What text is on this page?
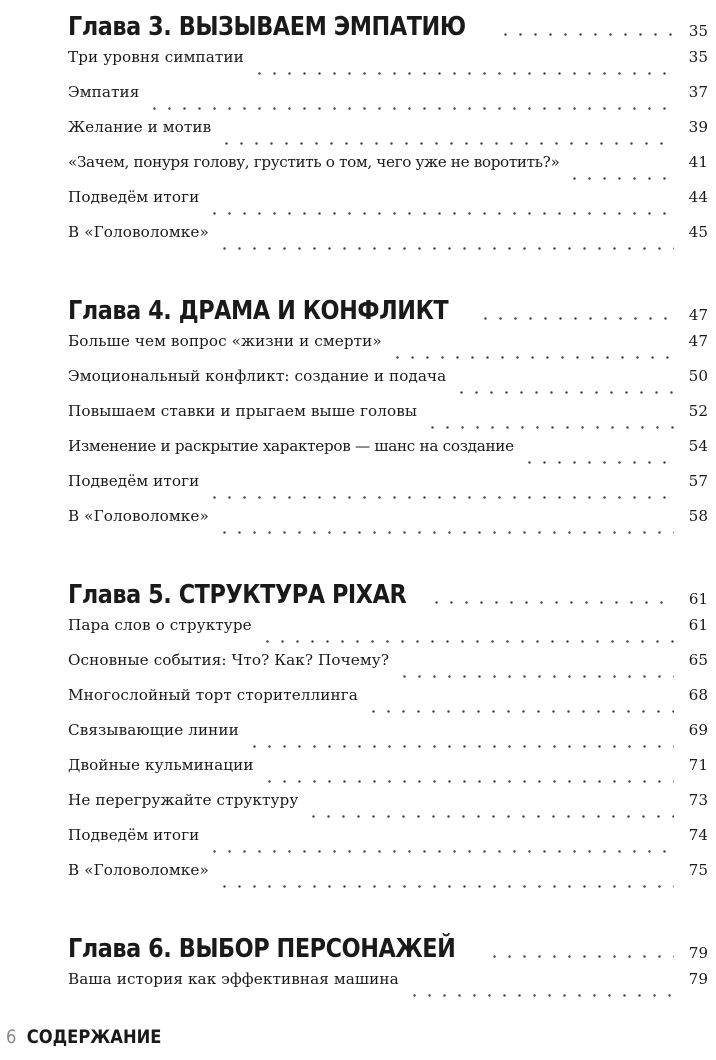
Глава 3. ВЫЗЫВАЕМ ЭМПАТИЮ	35
Три уровня симпатии	35
Эмпатия	37
Желание и мотив	39
«Зачем, понуря голову, грустить о том, чего уже не воротить?»	41
Подведём итоги	44
В «Головоломке»	45
Глава 4. ДРАМА И КОНФЛИКТ	47
Больше чем вопрос «жизни и смерти»	47
Эмоциональный конфликт: создание и подача	50
Повышаем ставки и прыгаем выше головы	52
Изменение и раскрытие характеров — шанс на создание	54
Подведём итоги	57
В «Головоломке»	58
Глава 5. СТРУКТУРА PIXAR	61
Пара слов о структуре	61
Основные события: Что? Как? Почему?	65
Многослойный торт сторителлинга	68
Связывающие линии	69
Двойные кульминации	71
Не перегружайте структуру	73
Подведём итоги	74
В «Головоломке»	75
Глава 6. ВЫБОР ПЕРСОНАЖЕЙ	79
Ваша история как эффективная машина	79
6 СОДЕРЖАНИЕ
